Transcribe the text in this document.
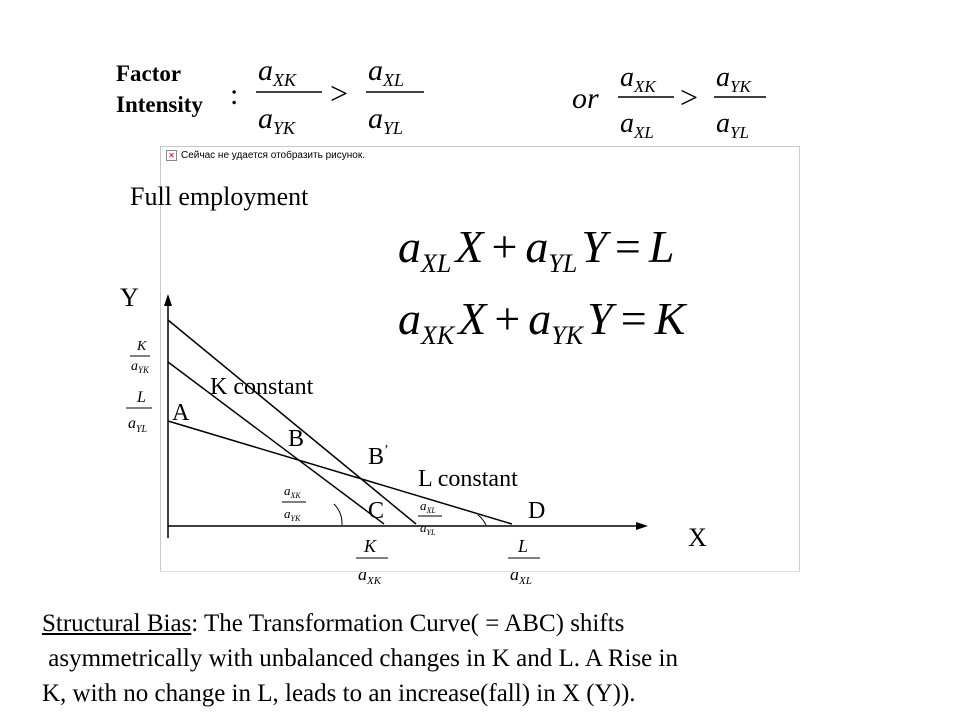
Factor
Intensity :
$a_{XK}$
$a_{YK}$
>
$a_{XL}$
$a_{YL}$
or
$a_{XK}$
$a_{XL}$
>
$a_{YK}$
$a_{YL}$
$a_{XL}X + a_{YL}Y = L$
$a_{XK}X + a_{YK}Y = K$
Y
X
A
B
B’
C	D
K constant
L constant
K
$a_{YK}$
L
$a_{YL}$
K
$a_{XK}$
L
$a_{XL}$
$a_{XK}$
$a_{YK}$
$a_{XL}$
$a_{YL}$
✕ Сейчас не удается отобразить рисунок.
Full employment
Structural Bias: The Transformation Curve( = ABC) shifts
asymmetrically with unbalanced changes in K and L. A Rise in
K, with no change in L, leads to an increase(fall) in X (Y)).
